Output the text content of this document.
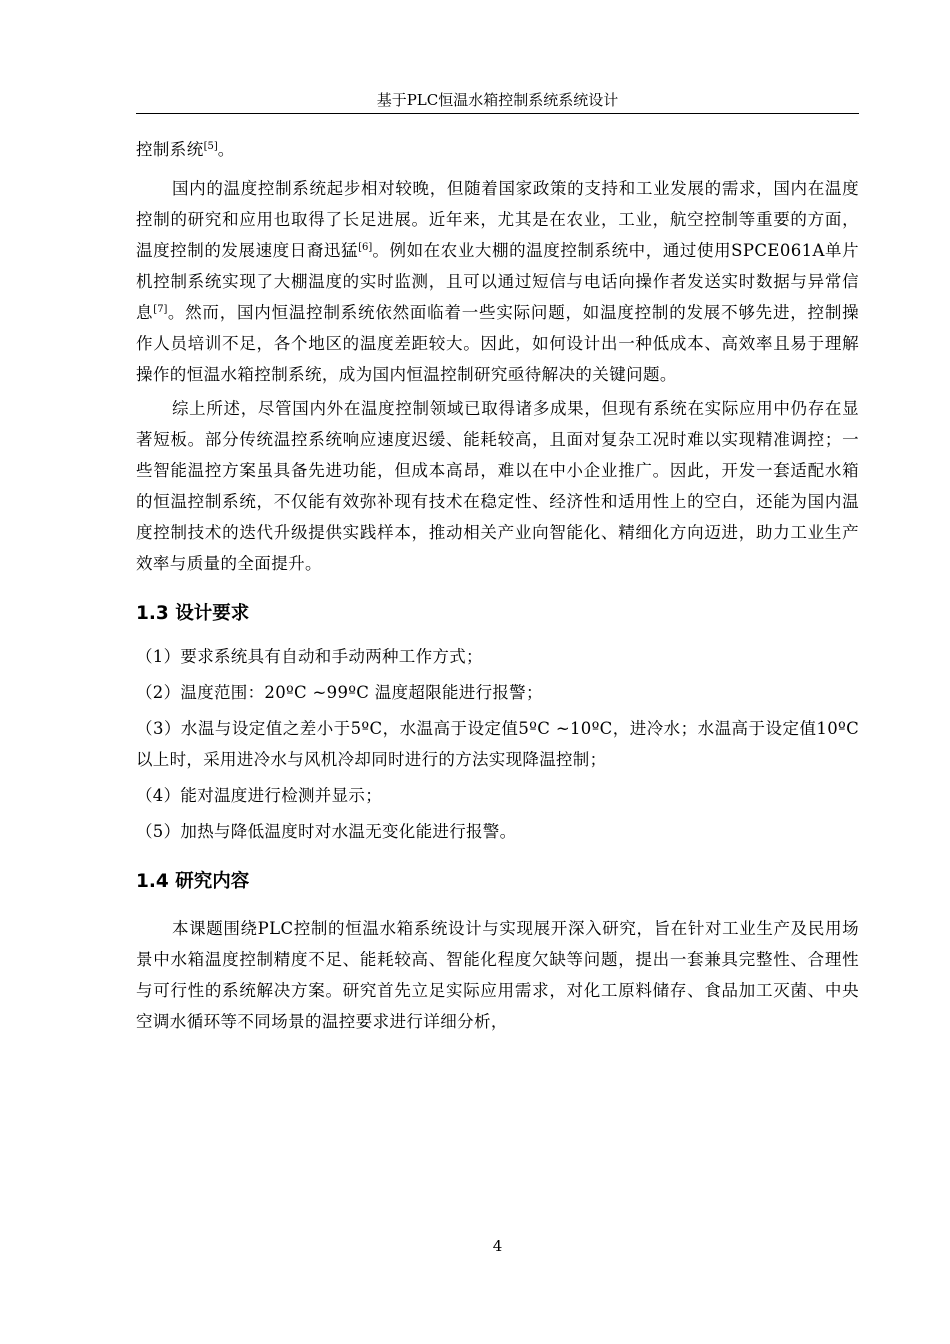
基于PLC恒温水箱控制系统系统设计

控制系统[5]。

国内的温度控制系统起步相对较晚，但随着国家政策的支持和工业发展的需求，国内在温度控制的研究和应用也取得了长足进展。近年来，尤其是在农业，工业，航空控制等重要的方面，温度控制的发展速度日裔迅猛[6]。例如在农业大棚的温度控制系统中，通过使用SPCE061A单片机控制系统实现了大棚温度的实时监测，且可以通过短信与电话向操作者发送实时数据与异常信息[7]。然而，国内恒温控制系统依然面临着一些实际问题，如温度控制的发展不够先进，控制操作人员培训不足，各个地区的温度差距较大。因此，如何设计出一种低成本、高效率且易于理解操作的恒温水箱控制系统，成为国内恒温控制研究亟待解决的关键问题。

综上所述，尽管国内外在温度控制领域已取得诸多成果，但现有系统在实际应用中仍存在显著短板。部分传统温控系统响应速度迟缓、能耗较高，且面对复杂工况时难以实现精准调控；一些智能温控方案虽具备先进功能，但成本高昂，难以在中小企业推广。因此，开发一套适配水箱的恒温控制系统，不仅能有效弥补现有技术在稳定性、经济性和适用性上的空白，还能为国内温度控制技术的迭代升级提供实践样本，推动相关产业向智能化、精细化方向迈进，助力工业生产效率与质量的全面提升。

1.3 设计要求

（1）要求系统具有自动和手动两种工作方式；

（2）温度范围：20ºC ~99ºC 温度超限能进行报警；

（3）水温与设定值之差小于5ºC，水温高于设定值5ºC ~10ºC，进冷水；水温高于设定值10ºC以上时，采用进冷水与风机冷却同时进行的方法实现降温控制；

（4）能对温度进行检测并显示；

（5）加热与降低温度时对水温无变化能进行报警。

1.4 研究内容

本课题围绕PLC控制的恒温水箱系统设计与实现展开深入研究，旨在针对工业生产及民用场景中水箱温度控制精度不足、能耗较高、智能化程度欠缺等问题，提出一套兼具完整性、合理性与可行性的系统解决方案。研究首先立足实际应用需求，对化工原料储存、食品加工灭菌、中央空调水循环等不同场景的温控要求进行详细分析，

4
